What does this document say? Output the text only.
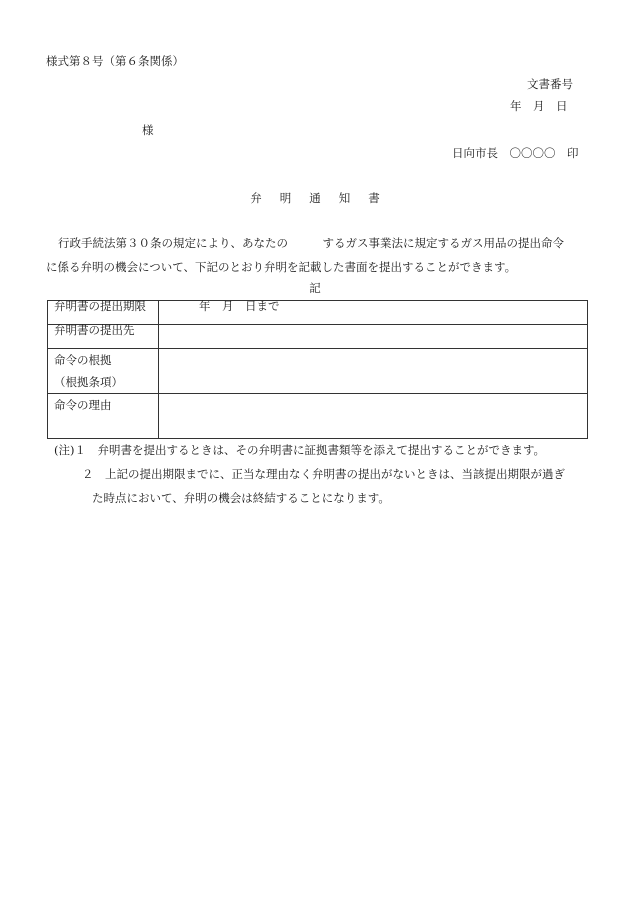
様式第８号（第６条関係）
文書番号
年　月　日
様
日向市長　〇〇〇〇　印
弁 明 通 知 書
行政手続法第３０条の規定により、あなたの　　　するガス事業法に規定するガス用品の提出命令
に係る弁明の機会について、下記のとおり弁明を記載した書面を提出することができます。
記
弁明書の提出期限	年　月　日まで
弁明書の提出先	

命令の根拠
（根拠条項）	

命令の理由	

(注)１　弁明書を提出するときは、その弁明書に証拠書類等を添えて提出することができます。
２　上記の提出期限までに、正当な理由なく弁明書の提出がないときは、当該提出期限が過ぎ
た時点において、弁明の機会は終結することになります。
